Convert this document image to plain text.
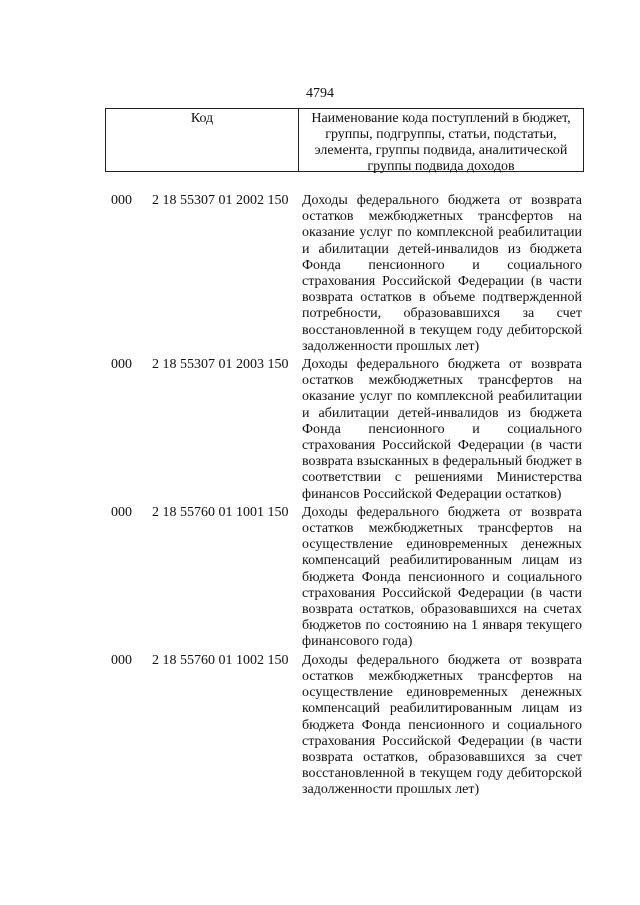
4794
Код	Наименование кода поступлений в бюджет, группы, подгруппы, статьи, подстатьи, элемента, группы подвида, аналитической группы подвида доходов
000 2 18 55307 01 2002 150 Доходы федерального бюджета от возврата остатков межбюджетных трансфертов на оказание услуг по комплексной реабилитации и абилитации детей-инвалидов из бюджета Фонда пенсионного и социального страхования Российской Федерации (в части возврата остатков в объеме подтвержденной потребности, образовавшихся за счет восстановленной в текущем году дебиторской задолженности прошлых лет)
000 2 18 55307 01 2003 150 Доходы федерального бюджета от возврата остатков межбюджетных трансфертов на оказание услуг по комплексной реабилитации и абилитации детей-инвалидов из бюджета Фонда пенсионного и социального страхования Российской Федерации (в части возврата взысканных в федеральный бюджет в соответствии с решениями Министерства финансов Российской Федерации остатков)
000 2 18 55760 01 1001 150 Доходы федерального бюджета от возврата остатков межбюджетных трансфертов на осуществление единовременных денежных компенсаций реабилитированным лицам из бюджета Фонда пенсионного и социального страхования Российской Федерации (в части возврата остатков, образовавшихся на счетах бюджетов по состоянию на 1 января текущего финансового года)
000 2 18 55760 01 1002 150 Доходы федерального бюджета от возврата остатков межбюджетных трансфертов на осуществление единовременных денежных компенсаций реабилитированным лицам из бюджета Фонда пенсионного и социального страхования Российской Федерации (в части возврата остатков, образовавшихся за счет восстановленной в текущем году дебиторской задолженности прошлых лет)
